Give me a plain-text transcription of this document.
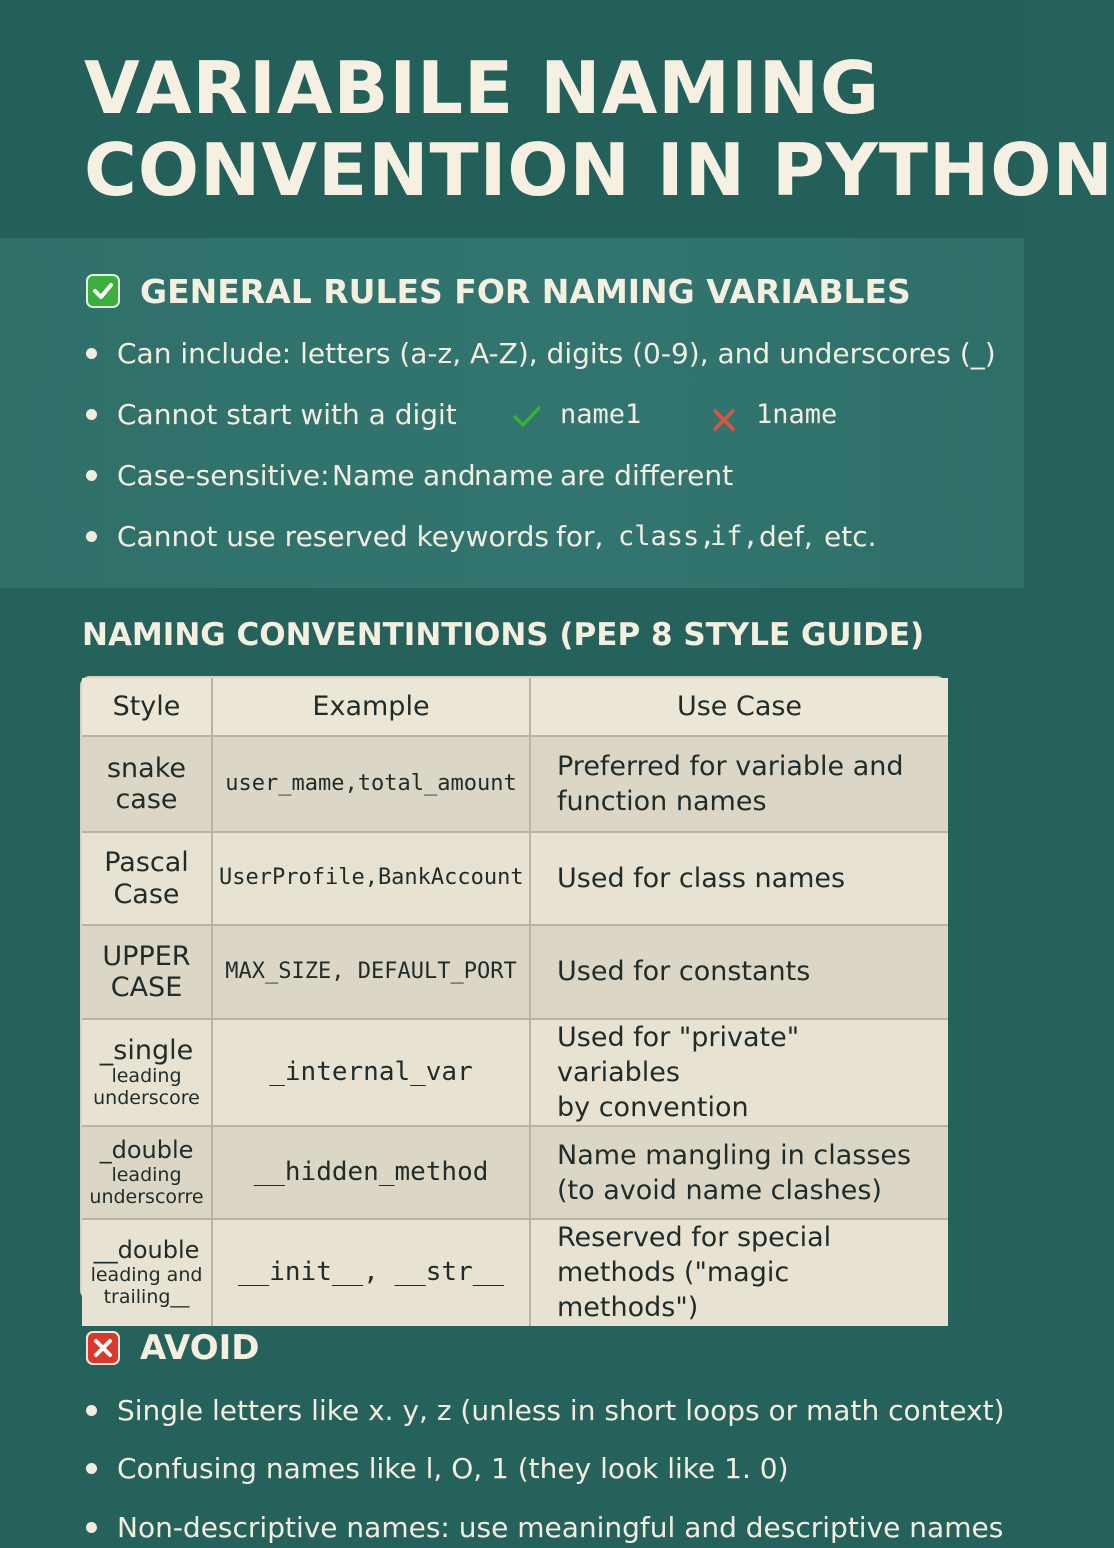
VARIABILE NAMING
CONVENTION IN PYTHON
GENERAL RULES FOR NAMING VARIABLES
Can include: letters (a-z, A-Z), digits (0-9), and underscores (_)
Cannot start with a digit	name1	1name
Case-sensitive: Name and
name are different
Cannot use reserved keywords for, class,
if, def, etc.
NAMING CONVENTINTIONS (PEP 8 STYLE GUIDE)
Style	Example	Use Case

snake
case	user_mame,total_amount	Preferred for variable and
function names

Pascal
Case	UserProfile,BankAccount	Used for class names

UPPER
CASE	MAX_SIZE, DEFAULT_PORT	Used for constants

_single
leading
underscore	_internal_var	Used for "private" variables
by convention

_double
leading
underscorre	__hidden_method	Name mangling in classes
(to avoid name clashes)

__double
leading and
trailing__	__init__, __str__	Reserved for special
methods ("magic methods")
AVOID
Single letters like x. y, z (unless in short loops or math context)
Confusing names like l, O, 1 (they look like 1. 0)
Non-descriptive names: use meaningful and descriptive names
